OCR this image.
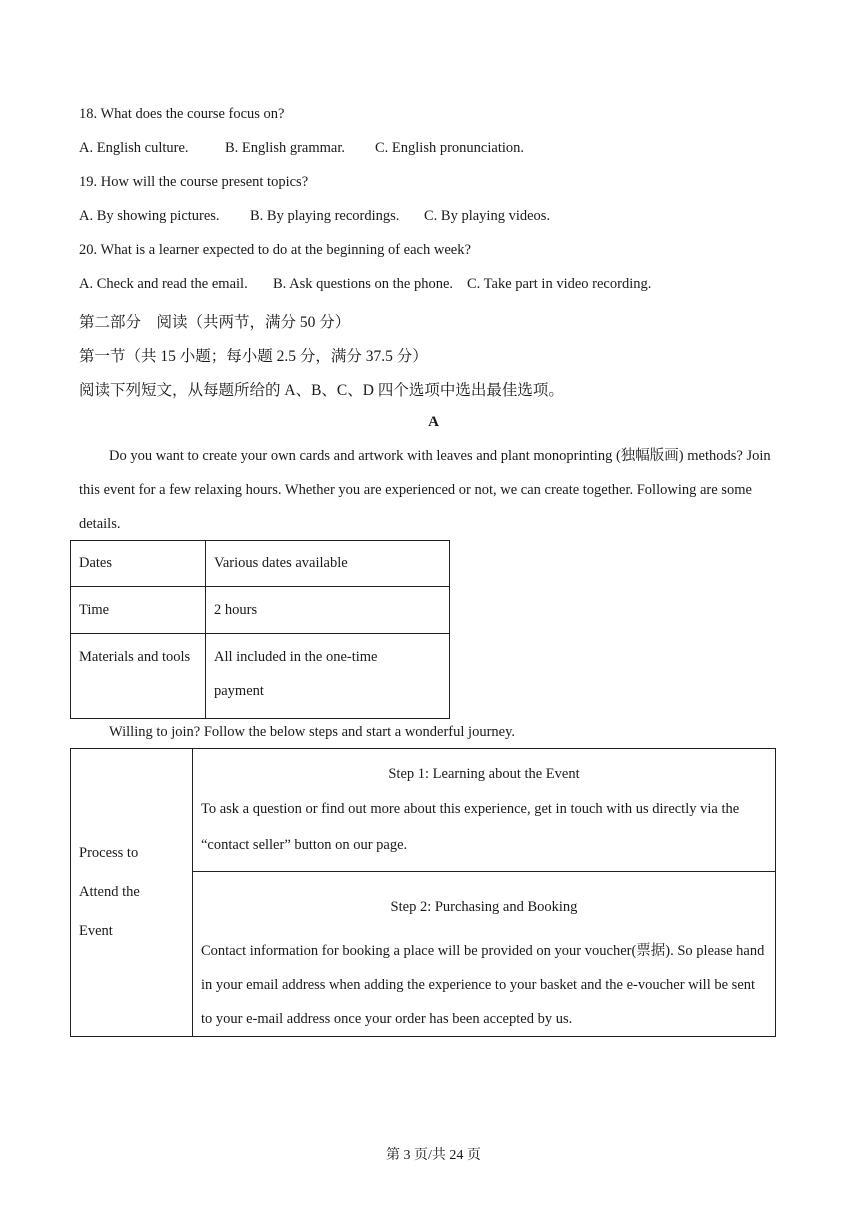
18. What does the course focus on?
A. English culture.	B. English grammar. C. English pronunciation.
19. How will the course present topics?
A. By showing pictures. B. By playing recordings. C. By playing videos.
20. What is a learner expected to do at the beginning of each week?
A. Check and read the email. B. Ask questions on the phone. C. Take part in video recording.
第二部分　阅读（共两节，满分 50 分）
第一节（共 15 小题；每小题 2.5 分，满分 37.5 分）
阅读下列短文，从每题所给的 A、B、C、D 四个选项中选出最佳选项。
A
Do you want to create your own cards and artwork with leaves and plant monoprinting (独幅版画) methods? Join this event for a few relaxing hours. Whether you are experienced or not, we can create together. Following are some details.
Dates	Various dates available
Time	2 hours
Materials and tools	All included in the one-time payment
Willing to join? Follow the below steps and start a wonderful journey.
Process to Attend the Event	
Step 1: Learning about the Event
To ask a question or find out more about this experience, get in touch with us directly via the “contact seller” button on our page.

Step 2: Purchasing and Booking
Contact information for booking a place will be provided on your voucher(票据). So please hand in your email address when adding the experience to your basket and the e-voucher will be sent to your e-mail address once your order has been accepted by us.
第 3 页/共 24 页
